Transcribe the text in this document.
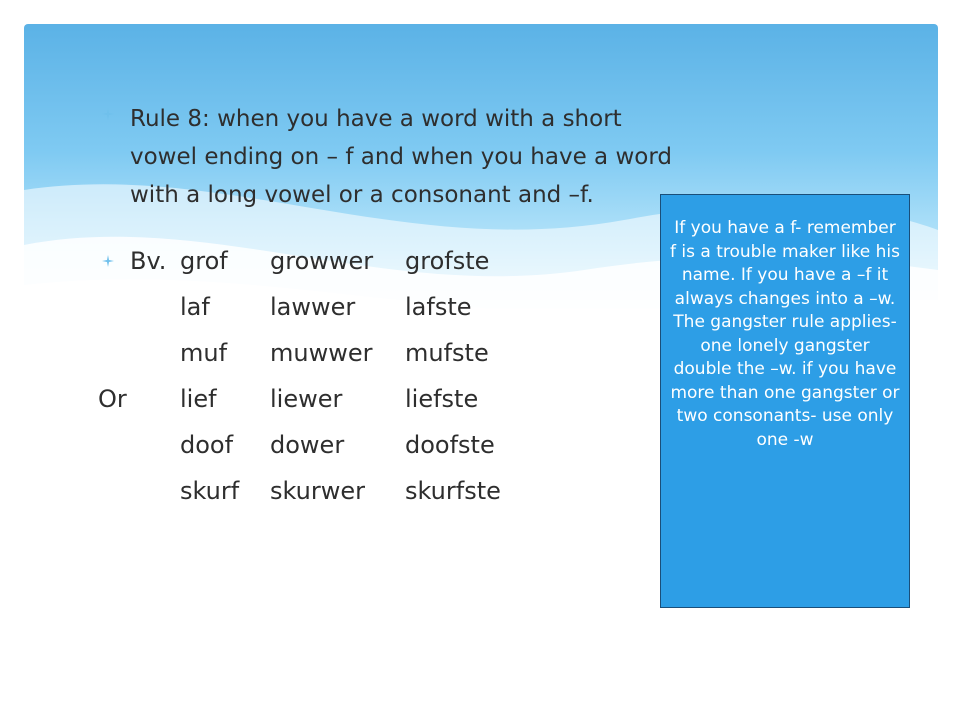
Rule 8: when you have a word with a short vowel ending on – f and when you have a word with a long vowel or a consonant and –f.

Bv. grof	growwer	grofste
laf	lawwer	lafste
muf	muwwer	mufste
Or	lief	liewer	liefste
doof	dower	doofste
skurf	skurwer	skurfste

If you have a f- remember f is a trouble maker like his name. If you have a –f it always changes into a –w.

The gangster rule applies- one lonely gangster double the –w. if you have more than one gangster or two consonants- use only one -w
